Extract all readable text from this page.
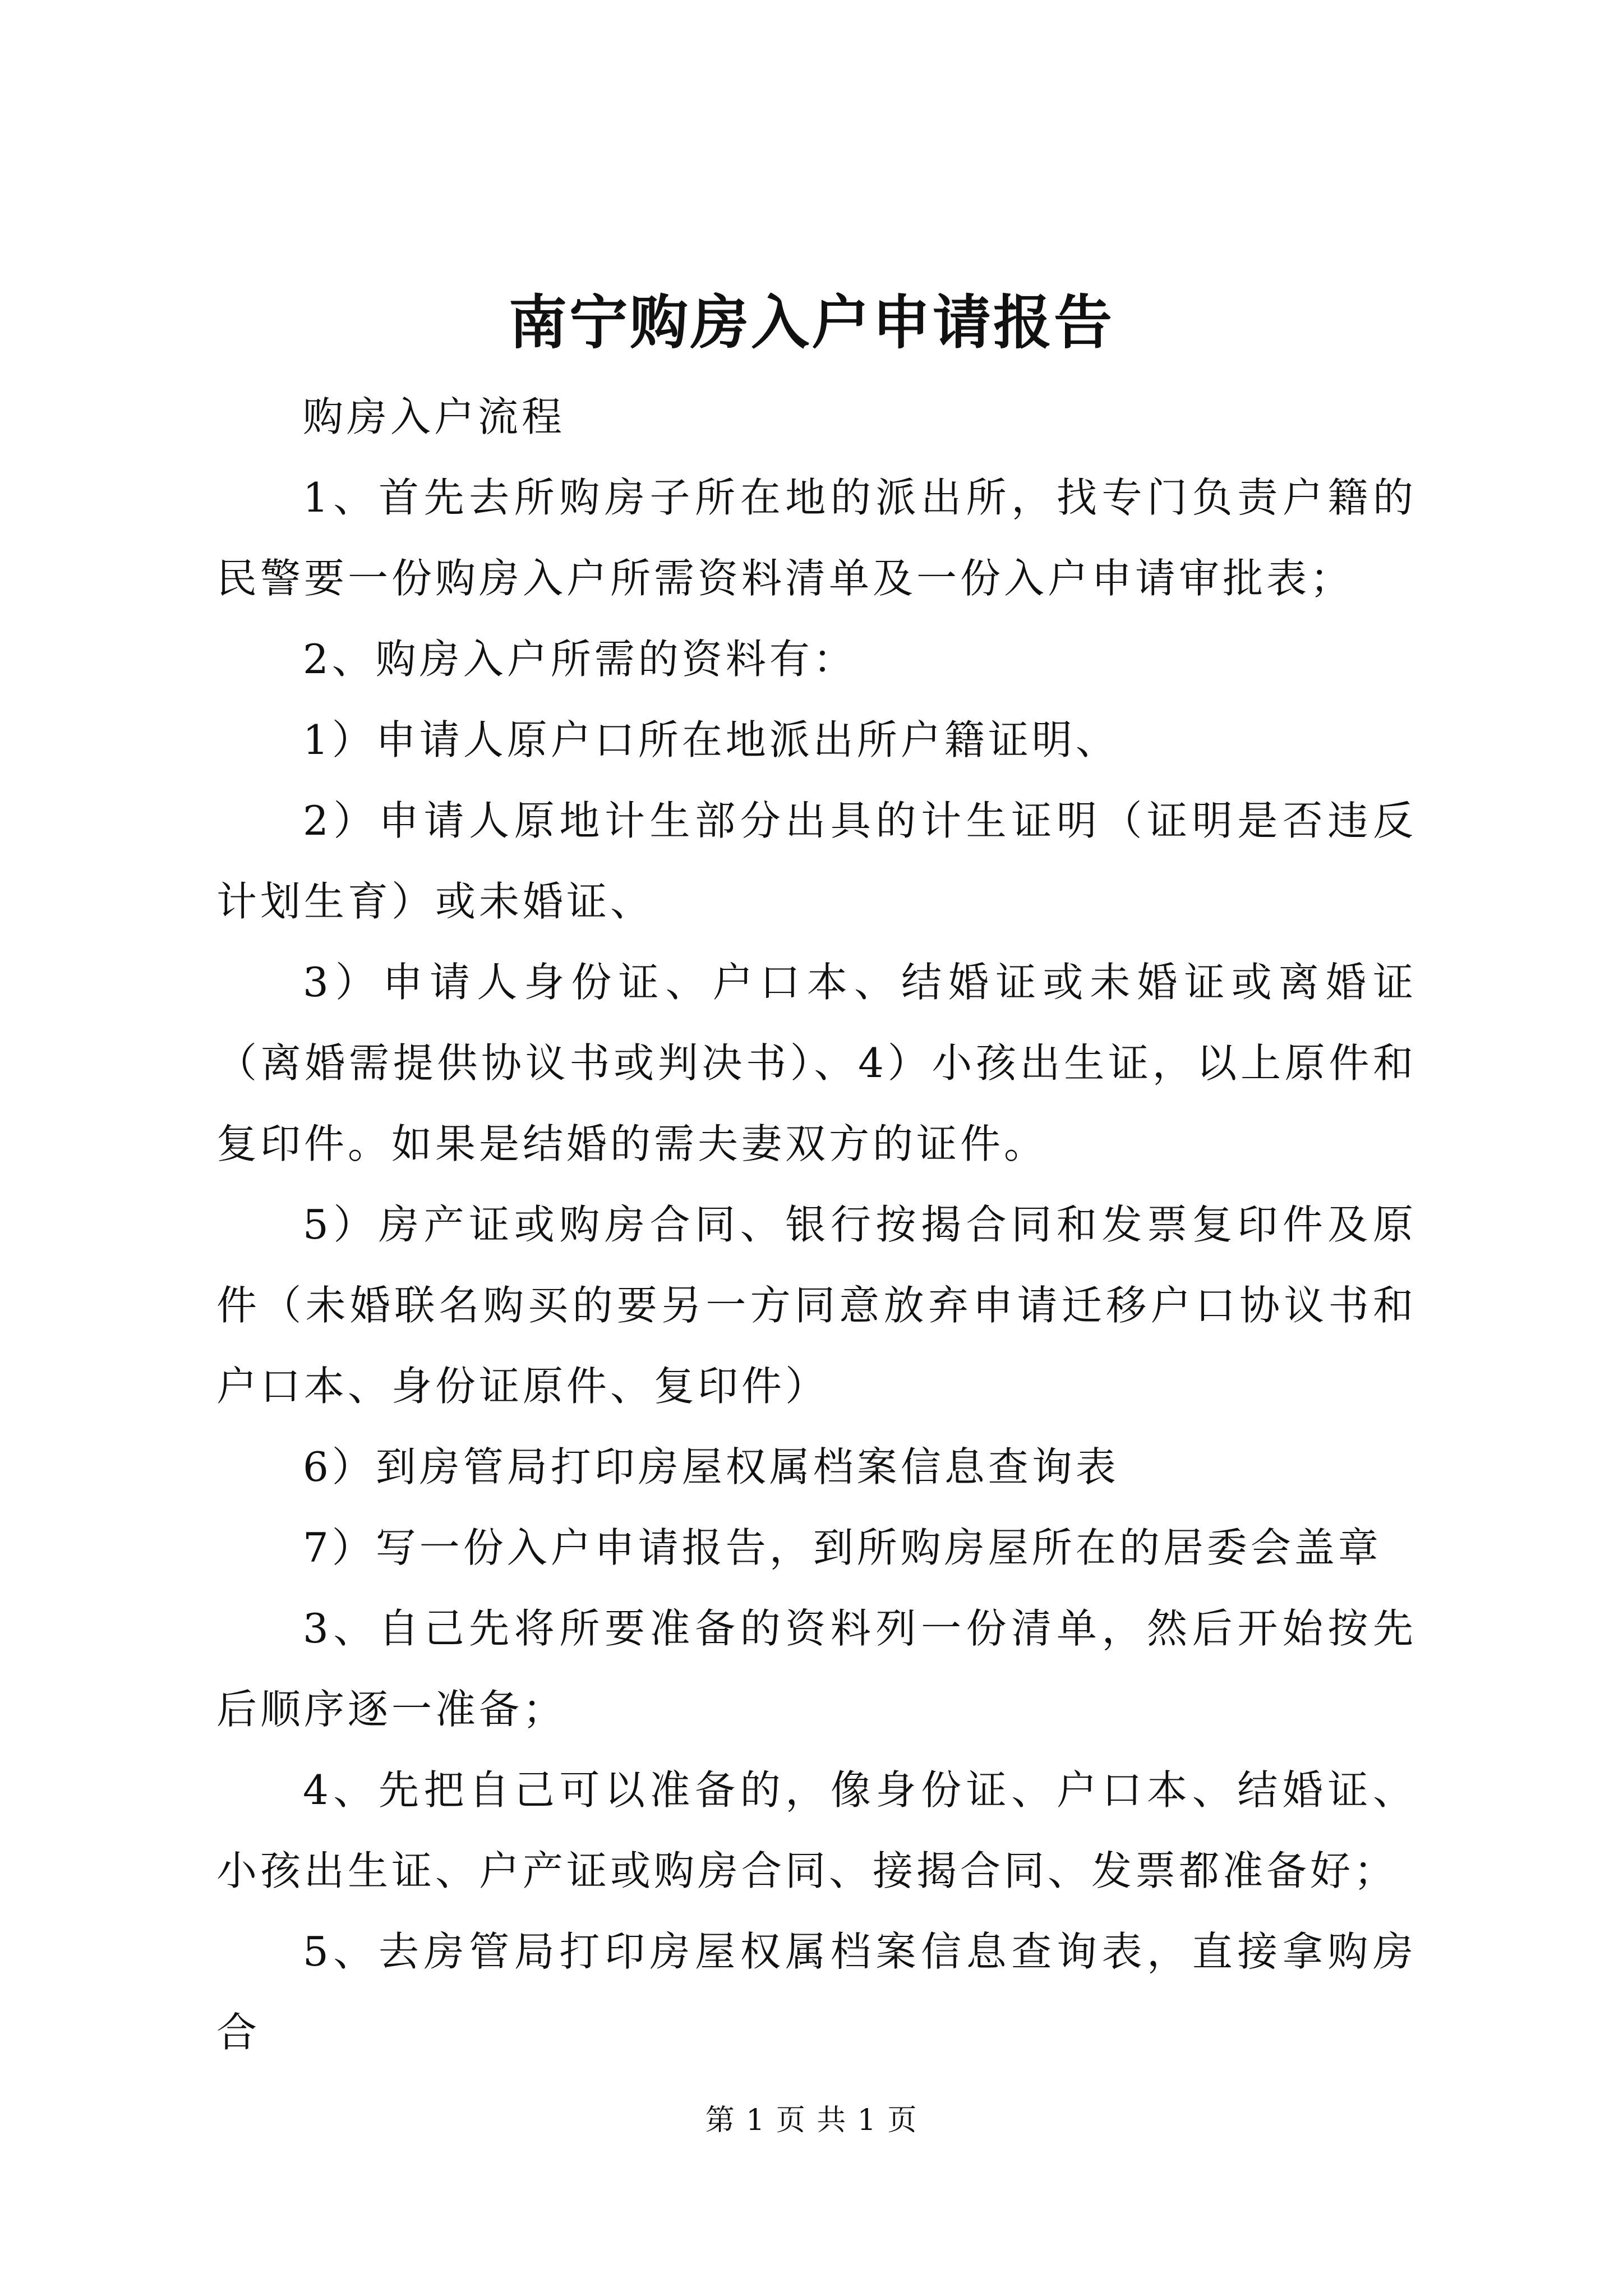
南宁购房入户申请报告

购房入户流程

1、首先去所购房子所在地的派出所，找专门负责户籍的民警要一份购房入户所需资料清单及一份入户申请审批表；

2、购房入户所需的资料有：

1）申请人原户口所在地派出所户籍证明、

2）申请人原地计生部分出具的计生证明（证明是否违反计划生育）或未婚证、

3）申请人身份证、户口本、结婚证或未婚证或离婚证（离婚需提供协议书或判决书）、4）小孩出生证，以上原件和复印件。如果是结婚的需夫妻双方的证件。

5）房产证或购房合同、银行按揭合同和发票复印件及原件（未婚联名购买的要另一方同意放弃申请迁移户口协议书和户口本、身份证原件、复印件）

6）到房管局打印房屋权属档案信息查询表

7）写一份入户申请报告，到所购房屋所在的居委会盖章

3、自己先将所要准备的资料列一份清单，然后开始按先后顺序逐一准备；

4、先把自己可以准备的，像身份证、户口本、结婚证、小孩出生证、户产证或购房合同、接揭合同、发票都准备好；

5、去房管局打印房屋权属档案信息查询表，直接拿购房合

第 1 页 共 1 页
